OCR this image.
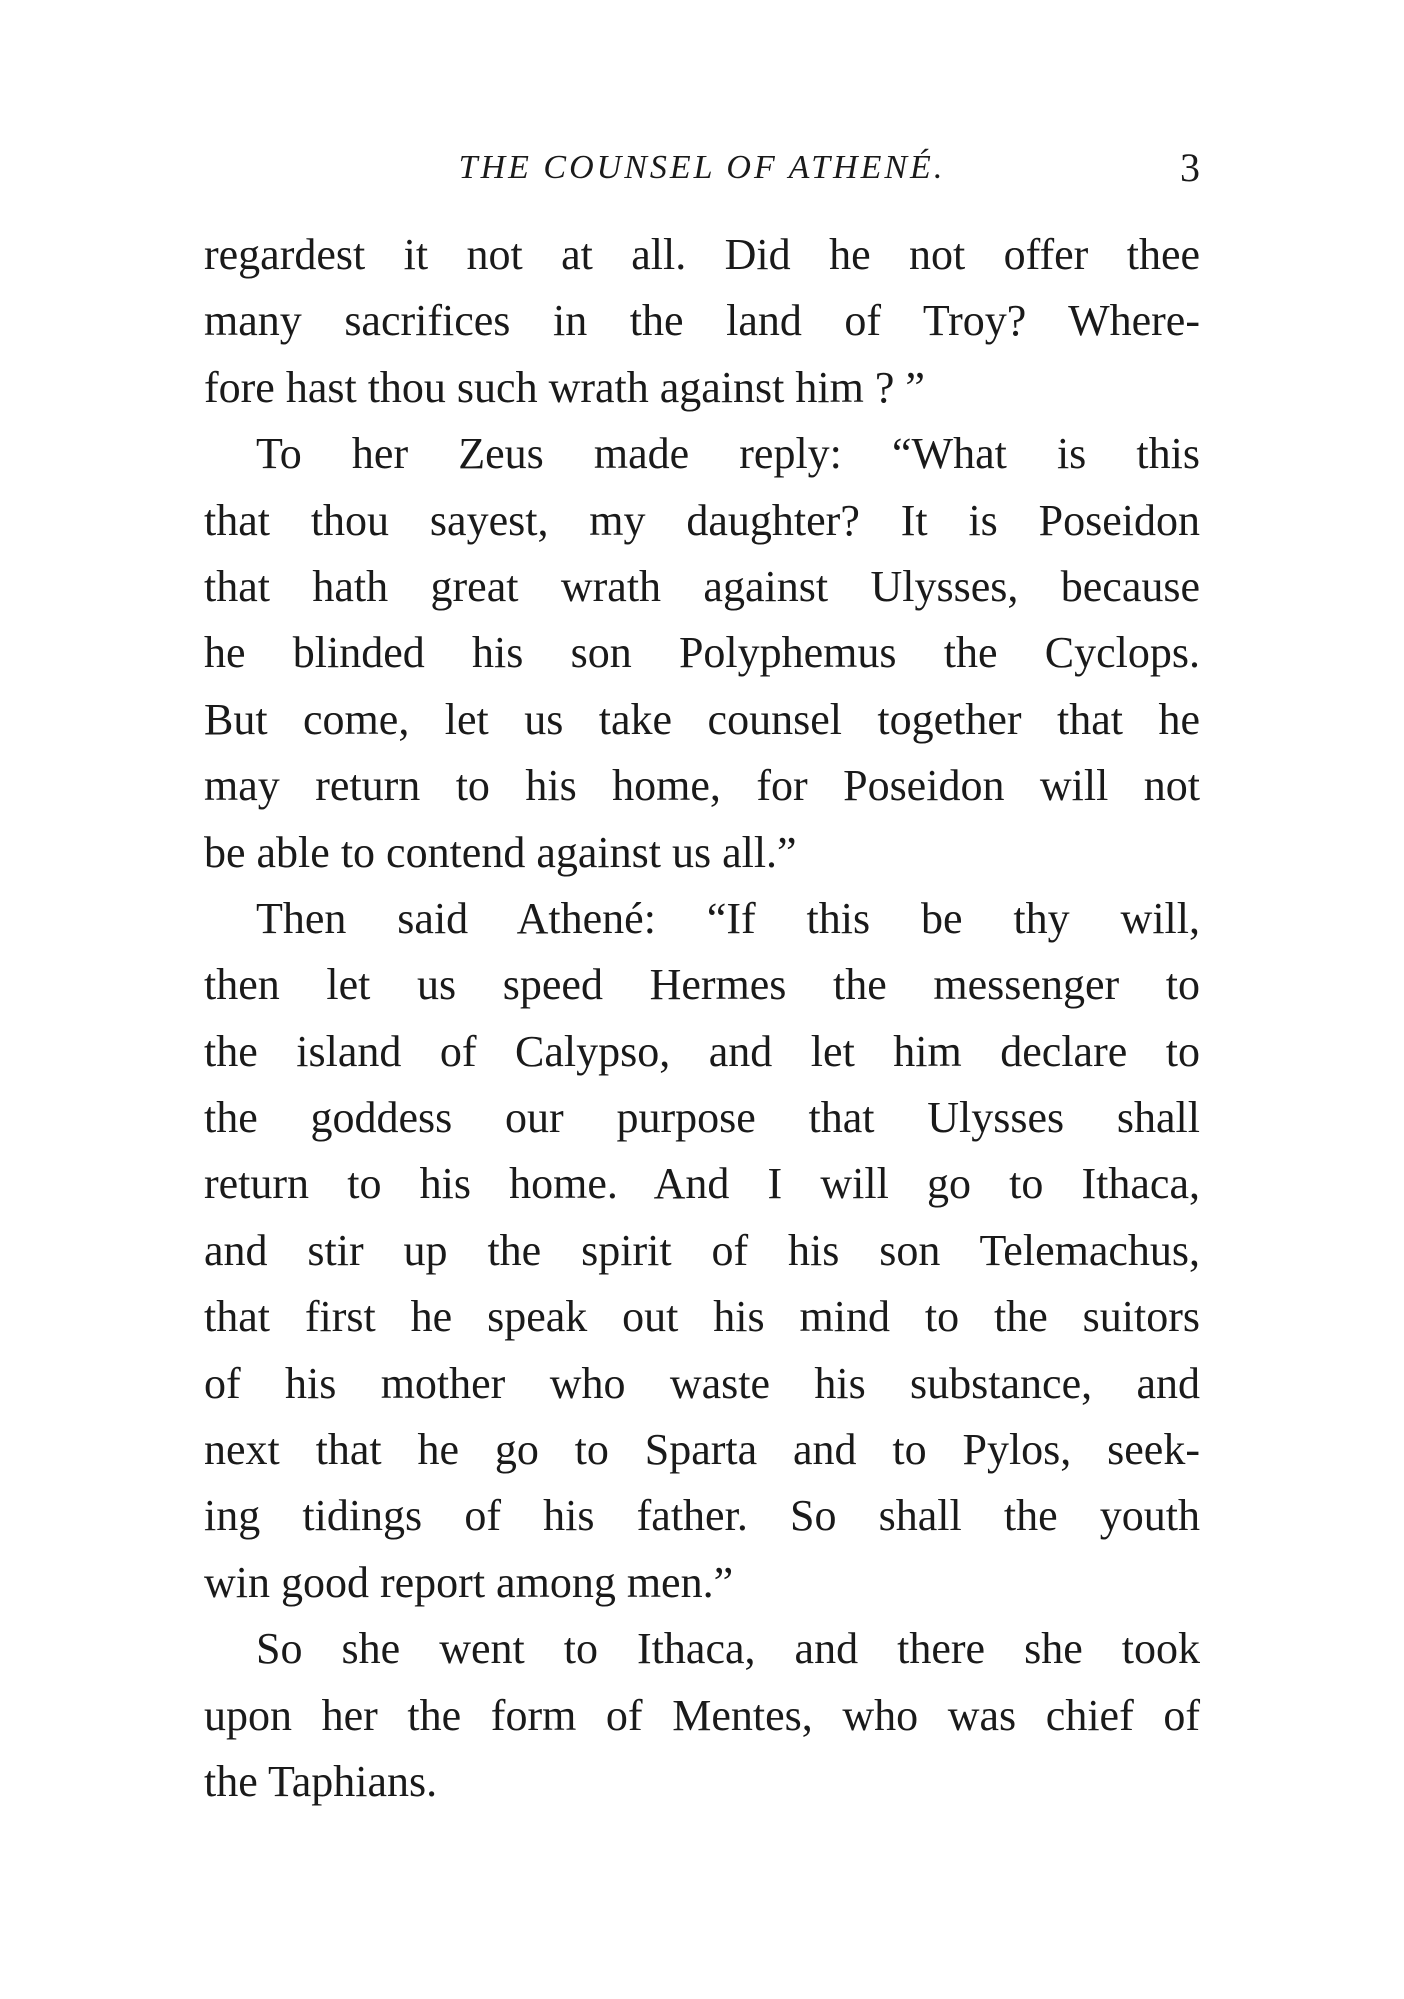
THE COUNSEL OF ATHENÉ.	3

regardest it not at all. Did he not offer thee
many sacrifices in the land of Troy? Where-
fore hast thou such wrath against him ? ”

To her Zeus made reply: “What is this
that thou sayest, my daughter? It is Poseidon
that hath great wrath against Ulysses, because
he blinded his son Polyphemus the Cyclops.
But come, let us take counsel together that he
may return to his home, for Poseidon will not
be able to contend against us all.”

Then said Athené: “If this be thy will,
then let us speed Hermes the messenger to
the island of Calypso, and let him declare to
the goddess our purpose that Ulysses shall
return to his home. And I will go to Ithaca,
and stir up the spirit of his son Telemachus,
that first he speak out his mind to the suitors
of his mother who waste his substance, and
next that he go to Sparta and to Pylos, seek-
ing tidings of his father. So shall the youth
win good report among men.”

So she went to Ithaca, and there she took
upon her the form of Mentes, who was chief of
the Taphians.
